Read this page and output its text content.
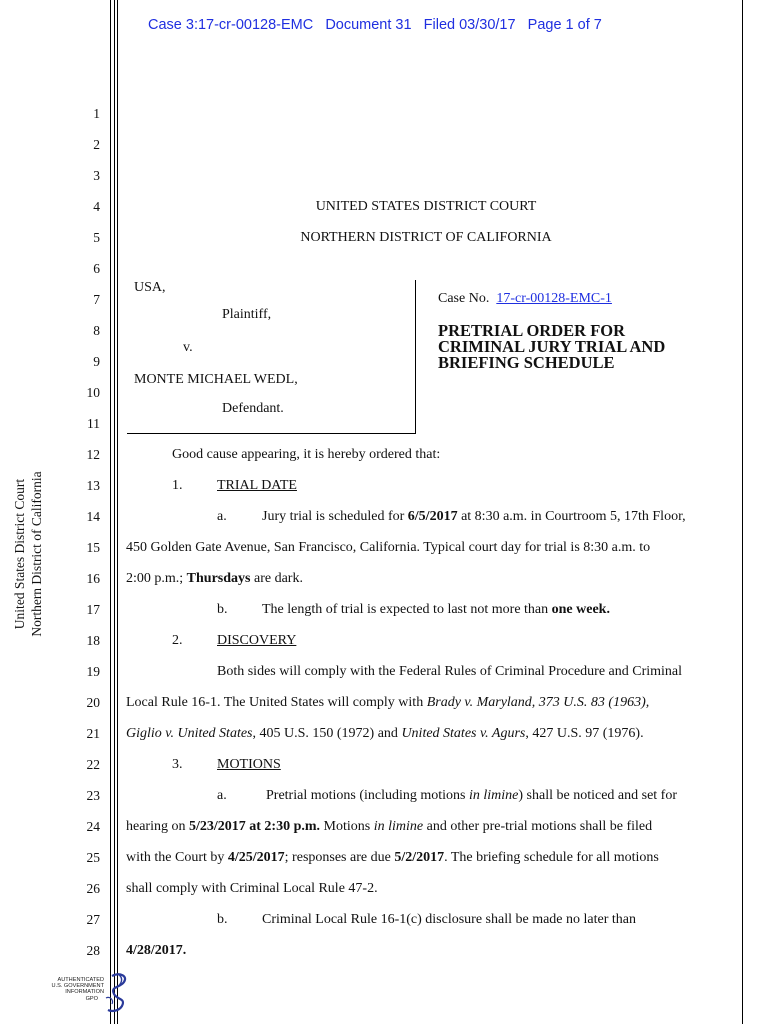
Case 3:17-cr-00128-EMC Document 31 Filed 03/30/17 Page 1 of 7
1
2
3
4
5
6
7
8
9
10
11
12
13
14
15
16
17
18
19
20
21
22
23
24
25
26
27
28
United States District Court Northern District of California
UNITED STATES DISTRICT COURT
NORTHERN DISTRICT OF CALIFORNIA
USA,
Plaintiff,
v.
MONTE MICHAEL WEDL,
Defendant.
Case No. 17-cr-00128-EMC-1
PRETRIAL ORDER FOR
CRIMINAL JURY TRIAL AND
BRIEFING SCHEDULE
Good cause appearing, it is hereby ordered that:
1. TRIAL DATE
a.	Jury trial is scheduled for 6/5/2017 at 8:30 a.m. in Courtroom 5, 17th Floor,
450 Golden Gate Avenue, San Francisco, California. Typical court day for trial is 8:30 a.m. to
2:00 p.m.; Thursdays are dark.
b. The length of trial is expected to last not more than one week.
2. DISCOVERY
Both sides will comply with the Federal Rules of Criminal Procedure and Criminal
Local Rule 16-1. The United States will comply with Brady v. Maryland, 373 U.S. 83 (1963),
Giglio v. United States, 405 U.S. 150 (1972) and United States v. Agurs, 427 U.S. 97 (1976).
3. MOTIONS
a.	Pretrial motions (including motions in limine) shall be noticed and set for
hearing on 5/23/2017 at 2:30 p.m. Motions in limine and other pre-trial motions shall be filed
with the Court by 4/25/2017; responses are due 5/2/2017. The briefing schedule for all motions
shall comply with Criminal Local Rule 47-2.
b. Criminal Local Rule 16-1(c) disclosure shall be made no later than
4/28/2017.
AUTHENTICATED
U.S. GOVERNMENT
INFORMATION
GPO
